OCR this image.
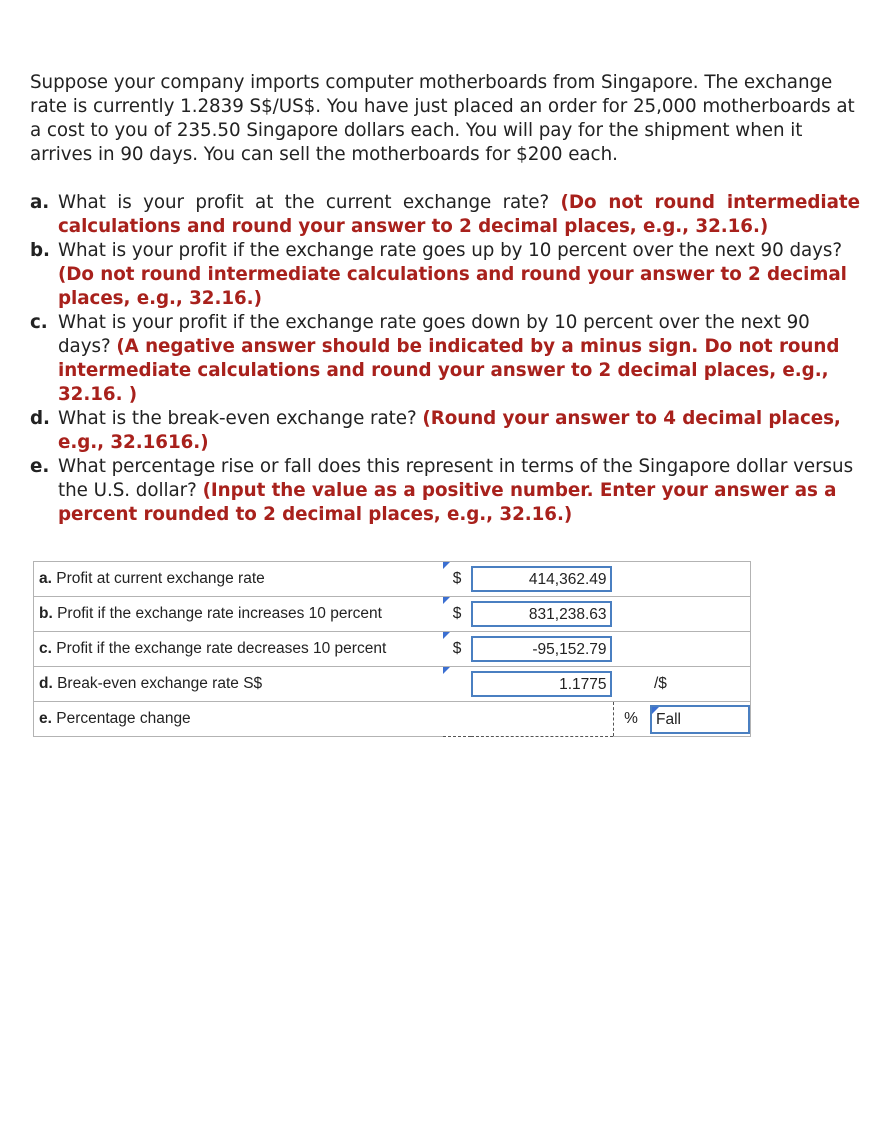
Suppose your company imports computer motherboards from Singapore. The exchange rate is currently 1.2839 S$/US$. You have just placed an order for 25,000 motherboards at a cost to you of 235.50 Singapore dollars each. You will pay for the shipment when it arrives in 90 days. You can sell the motherboards for $200 each.
a. What is your profit at the current exchange rate? (Do not round intermediate calculations and round your answer to 2 decimal places, e.g., 32.16.)
b. What is your profit if the exchange rate goes up by 10 percent over the next 90 days? (Do not round intermediate calculations and round your answer to 2 decimal places, e.g., 32.16.)
c. What is your profit if the exchange rate goes down by 10 percent over the next 90 days? (A negative answer should be indicated by a minus sign. Do not round intermediate calculations and round your answer to 2 decimal places, e.g., 32.16. )
d. What is the break-even exchange rate? (Round your answer to 4 decimal places, e.g., 32.1616.)
e. What percentage rise or fall does this represent in terms of the Singapore dollar versus the U.S. dollar? (Input the value as a positive number. Enter your answer as a percent rounded to 2 decimal places, e.g., 32.16.)
a. Profit at current exchange rate	$	414,362.49		

b. Profit if the exchange rate increases 10 percent	$	831,238.63		

c. Profit if the exchange rate decreases 10 percent	$	-95,152.79		

d. Break-even exchange rate S$		1.1775		/$
e. Percentage change			%	Fall
